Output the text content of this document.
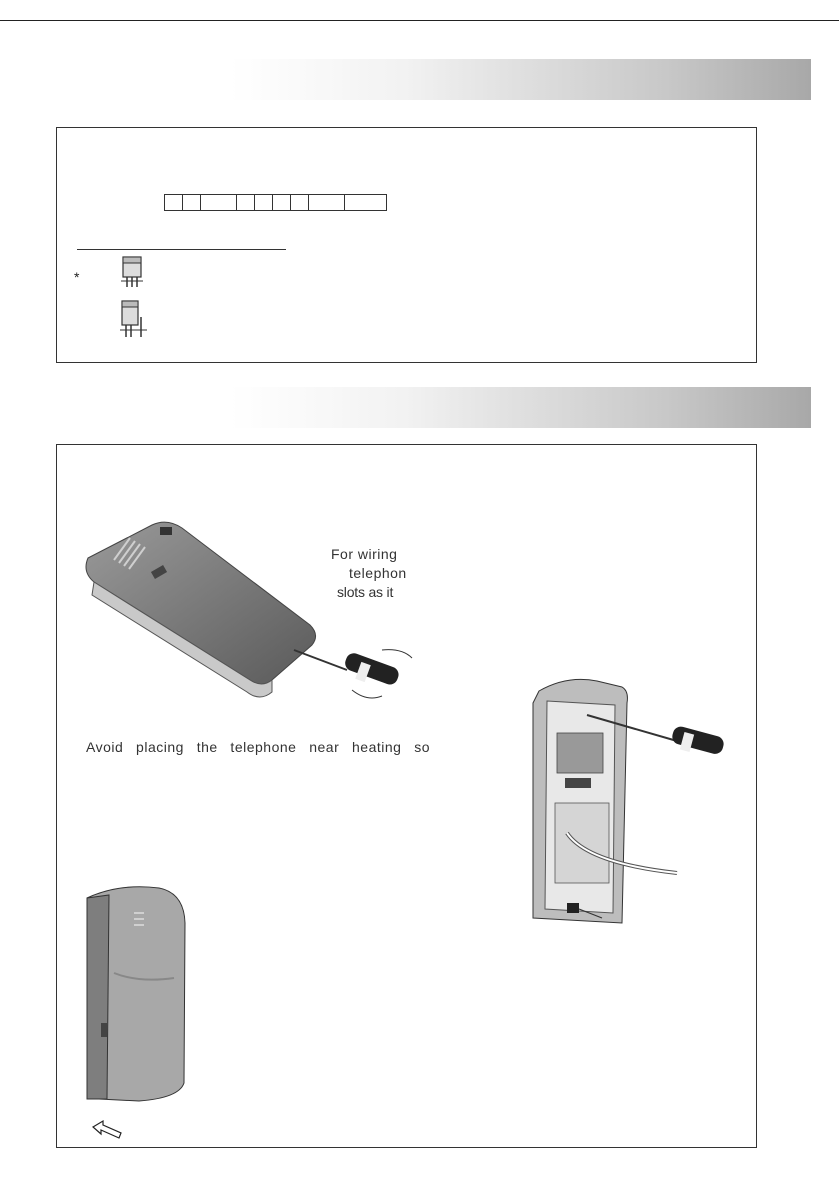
*
For wiring
telephon
slots as it
Avoid  placing  the  telephone  near  heating  so
